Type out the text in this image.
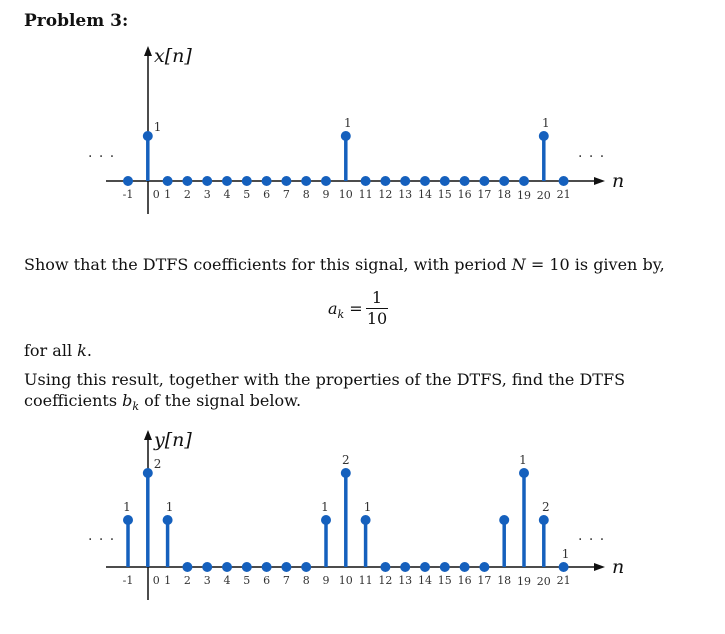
Problem 3:
x[n]
n
. . .	. . .
-1 0
1
1 2 3 4 5 6 7 8 9 10
1
11 12 13 14 15 16 17 18 19 20
1
21
Show that the DTFS coefficients for this signal, with period N = 10 is given by,
$a_k$ =
1
10
for all k.
Using this result, together with the properties of the DTFS, find the DTFS coefficients $b_k$ of the signal below.
y[n]
n
. . .	. . .
-1
1
0
2
1
1
2 3 4 5 6 7 8 9
1
10
2
11
1
12 13 14 15 16 17 18 19
1
20
2
21
1
